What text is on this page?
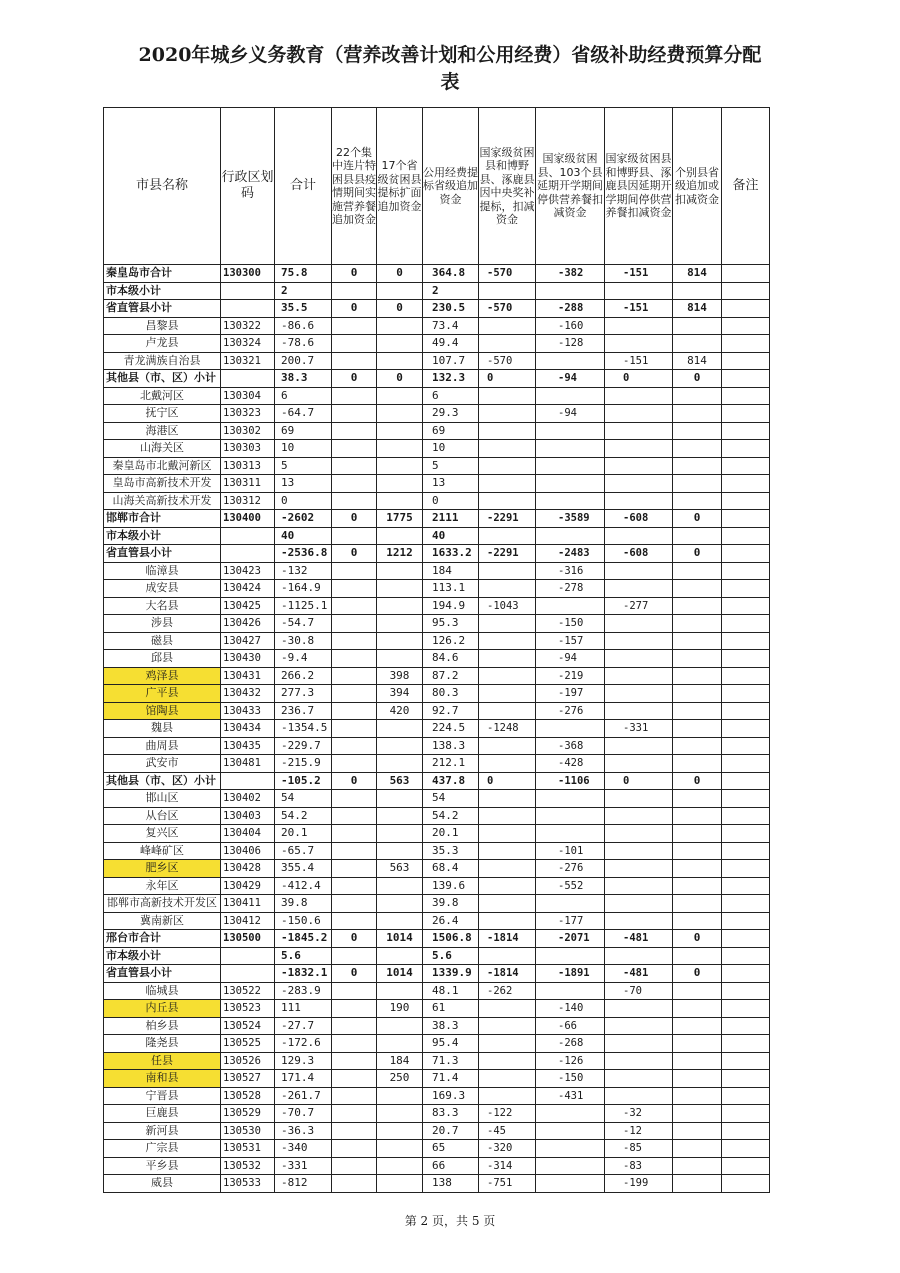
2020年城乡义务教育（营养改善计划和公用经费）省级补助经费预算分配
表
市县名称	行政区划码	合计	22个集中连片特困县县疫情期间实施营养餐追加资金	17个省级贫困县提标扩面追加资金	公用经费提标省级追加资金	国家级贫困县和博野县、涿鹿县因中央奖补提标，扣减资金	国家级贫困县、103个县延期开学期间停供营养餐扣减资金	国家级贫困县和博野县、涿鹿县因延期开学期间停供营养餐扣减资金	个别县省级追加或扣减资金	备注
秦皇岛市合计	130300	75.8	0	0	364.8	-570	-382	-151	814	
市本级小计		2			2					
省直管县小计		35.5	0	0	230.5	-570	-288	-151	814	
昌黎县	130322	-86.6			73.4		-160			
卢龙县	130324	-78.6			49.4		-128			
青龙满族自治县	130321	200.7			107.7	-570		-151	814	
其他县（市、区）小计		38.3	0	0	132.3	0	-94	0	0	
北戴河区	130304	6			6					
抚宁区	130323	-64.7			29.3		-94			
海港区	130302	69			69					
山海关区	130303	10			10					
秦皇岛市北戴河新区	130313	5			5					
皇岛市高新技术开发	130311	13			13					
山海关高新技术开发	130312	0			0					
邯郸市合计	130400	-2602	0	1775	2111	-2291	-3589	-608	0	
市本级小计		40			40					
省直管县小计		-2536.8	0	1212	1633.2	-2291	-2483	-608	0	
临漳县	130423	-132			184		-316			
成安县	130424	-164.9			113.1		-278			
大名县	130425	-1125.1			194.9	-1043		-277		
涉县	130426	-54.7			95.3		-150			
磁县	130427	-30.8			126.2		-157			
邱县	130430	-9.4			84.6		-94			
鸡泽县	130431	266.2		398	87.2		-219			
广平县	130432	277.3		394	80.3		-197			
馆陶县	130433	236.7		420	92.7		-276			
魏县	130434	-1354.5			224.5	-1248		-331		
曲周县	130435	-229.7			138.3		-368			
武安市	130481	-215.9			212.1		-428			
其他县（市、区）小计		-105.2	0	563	437.8	0	-1106	0	0	
邯山区	130402	54			54					
从台区	130403	54.2			54.2					
复兴区	130404	20.1			20.1					
峰峰矿区	130406	-65.7			35.3		-101			
肥乡区	130428	355.4		563	68.4		-276			
永年区	130429	-412.4			139.6		-552			
邯郸市高新技术开发区	130411	39.8			39.8					
冀南新区	130412	-150.6			26.4		-177			
邢台市合计	130500	-1845.2	0	1014	1506.8	-1814	-2071	-481	0	
市本级小计		5.6			5.6					
省直管县小计		-1832.1	0	1014	1339.9	-1814	-1891	-481	0	
临城县	130522	-283.9			48.1	-262		-70		
内丘县	130523	111		190	61		-140			
柏乡县	130524	-27.7			38.3		-66			
隆尧县	130525	-172.6			95.4		-268			
任县	130526	129.3		184	71.3		-126			
南和县	130527	171.4		250	71.4		-150			
宁晋县	130528	-261.7			169.3		-431			
巨鹿县	130529	-70.7			83.3	-122		-32		
新河县	130530	-36.3			20.7	-45		-12		
广宗县	130531	-340			65	-320		-85		
平乡县	130532	-331			66	-314		-83		
威县	130533	-812			138	-751		-199		
第 2 页，共 5 页
